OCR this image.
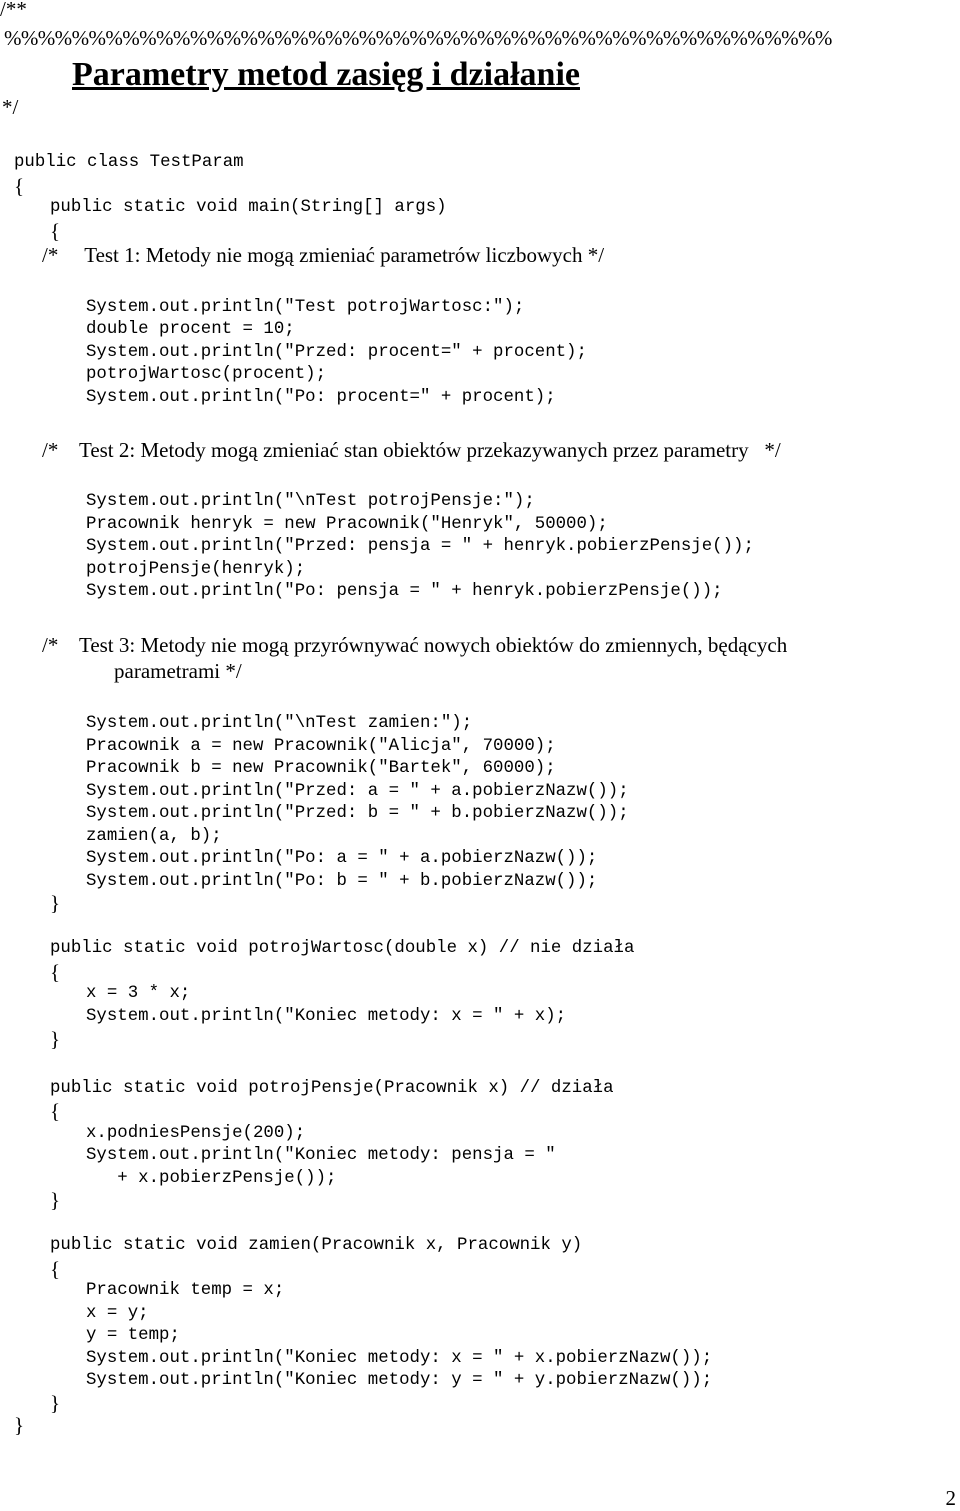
/**
%%%%%%%%%%%%%%%%%%%%%%%%%%%%%%%%%%%%%%%%%%%%%%%%%
Parametry metod zasięg i działanie
*/
public class TestParam
{
public static void main(String[] args)
{
/*     Test 1: Metody nie mogą zmieniać parametrów liczbowych */
System.out.println("Test potrojWartosc:");
double procent = 10;
System.out.println("Przed: procent=" + procent);
potrojWartosc(procent);
System.out.println("Po: procent=" + procent);
/*    Test 2: Metody mogą zmieniać stan obiektów przekazywanych przez parametry   */
System.out.println("\nTest potrojPensje:");
Pracownik henryk = new Pracownik("Henryk", 50000);
System.out.println("Przed: pensja = " + henryk.pobierzPensje());
potrojPensje(henryk);
System.out.println("Po: pensja = " + henryk.pobierzPensje());
/*    Test 3: Metody nie mogą przyrównywać nowych obiektów do zmiennych, będących
parametrami */
System.out.println("\nTest zamien:");
Pracownik a = new Pracownik("Alicja", 70000);
Pracownik b = new Pracownik("Bartek", 60000);
System.out.println("Przed: a = " + a.pobierzNazw());
System.out.println("Przed: b = " + b.pobierzNazw());
zamien(a, b);
System.out.println("Po: a = " + a.pobierzNazw());
System.out.println("Po: b = " + b.pobierzNazw());
}
public static void potrojWartosc(double x) // nie działa
{
x = 3 * x;
System.out.println("Koniec metody: x = " + x);
}
public static void potrojPensje(Pracownik x) // działa
{
x.podniesPensje(200);
System.out.println("Koniec metody: pensja = "
+ x.pobierzPensje());
}
public static void zamien(Pracownik x, Pracownik y)
{
Pracownik temp = x;
x = y;
y = temp;
System.out.println("Koniec metody: x = " + x.pobierzNazw());
System.out.println("Koniec metody: y = " + y.pobierzNazw());
}
}
2
